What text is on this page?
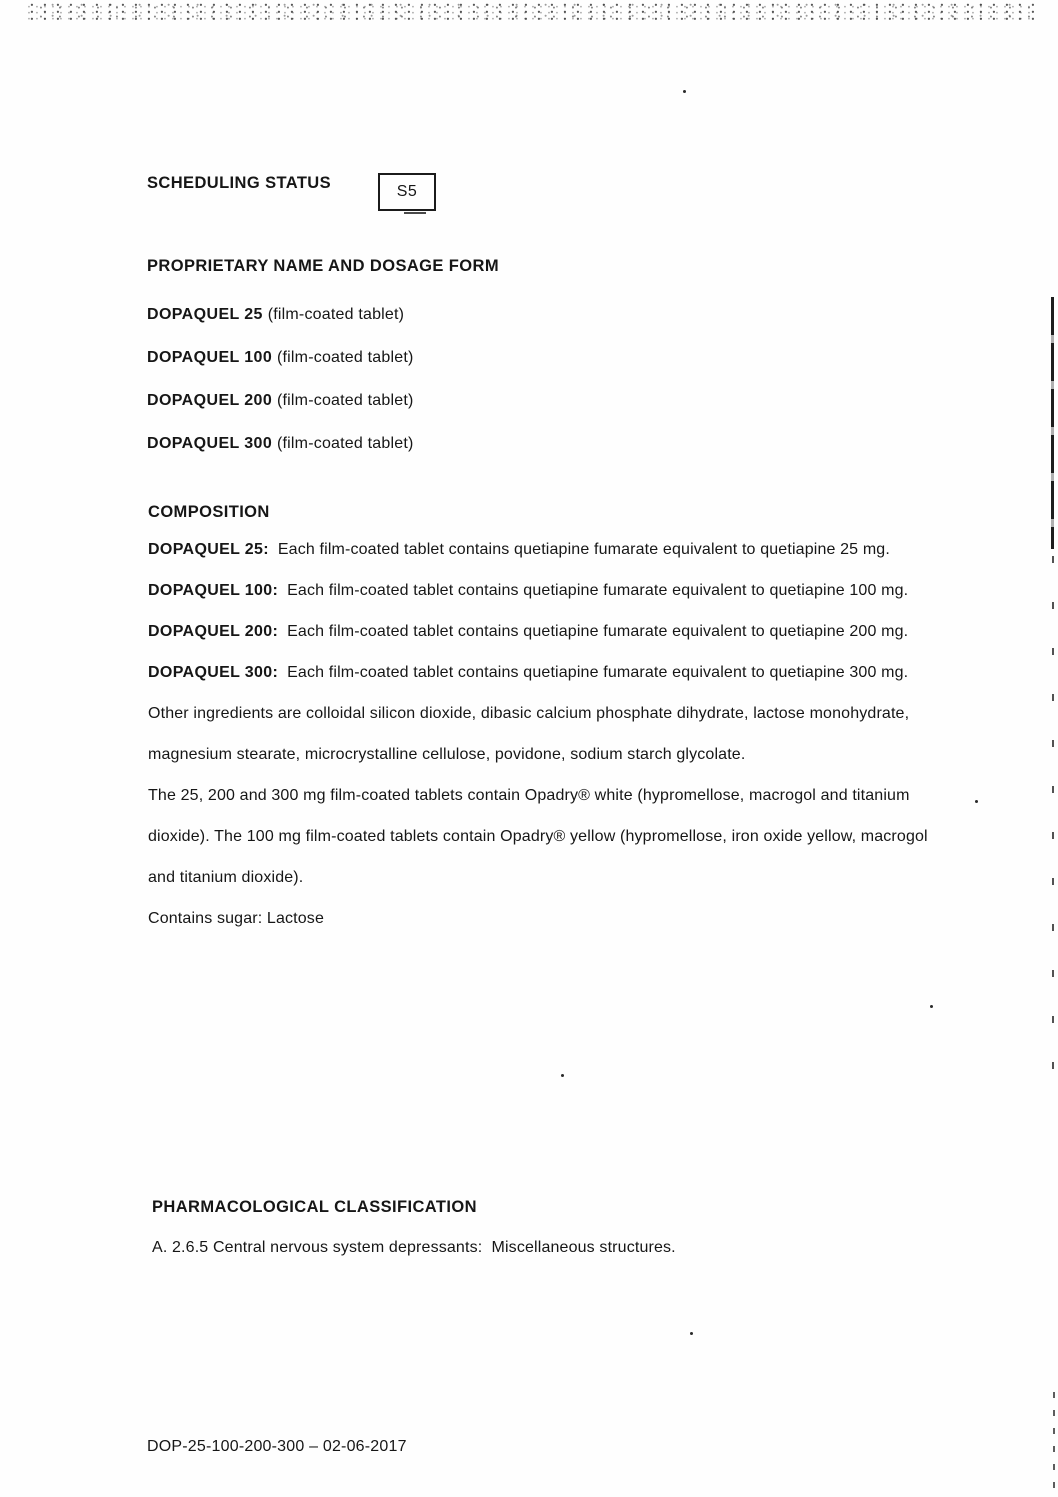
SCHEDULING STATUS	S5
PROPRIETARY NAME AND DOSAGE FORM
DOPAQUEL 25 (film-coated tablet)
DOPAQUEL 100 (film-coated tablet)
DOPAQUEL 200 (film-coated tablet)
DOPAQUEL 300 (film-coated tablet)
COMPOSITION

DOPAQUEL 25: Each film-coated tablet contains quetiapine fumarate equivalent to quetiapine 25 mg.

DOPAQUEL 100: Each film-coated tablet contains quetiapine fumarate equivalent to quetiapine 100 mg.

DOPAQUEL 200: Each film-coated tablet contains quetiapine fumarate equivalent to quetiapine 200 mg.

DOPAQUEL 300: Each film-coated tablet contains quetiapine fumarate equivalent to quetiapine 300 mg.

Other ingredients are colloidal silicon dioxide, dibasic calcium phosphate dihydrate, lactose monohydrate, magnesium stearate, microcrystalline cellulose, povidone, sodium starch glycolate.

The 25, 200 and 300 mg film-coated tablets contain Opadry® white (hypromellose, macrogol and titanium dioxide). The 100 mg film-coated tablets contain Opadry® yellow (hypromellose, iron oxide yellow, macrogol and titanium dioxide).

Contains sugar: Lactose

PHARMACOLOGICAL CLASSIFICATION
A. 2.6.5 Central nervous system depressants:  Miscellaneous structures.
DOP-25-100-200-300 – 02-06-2017
